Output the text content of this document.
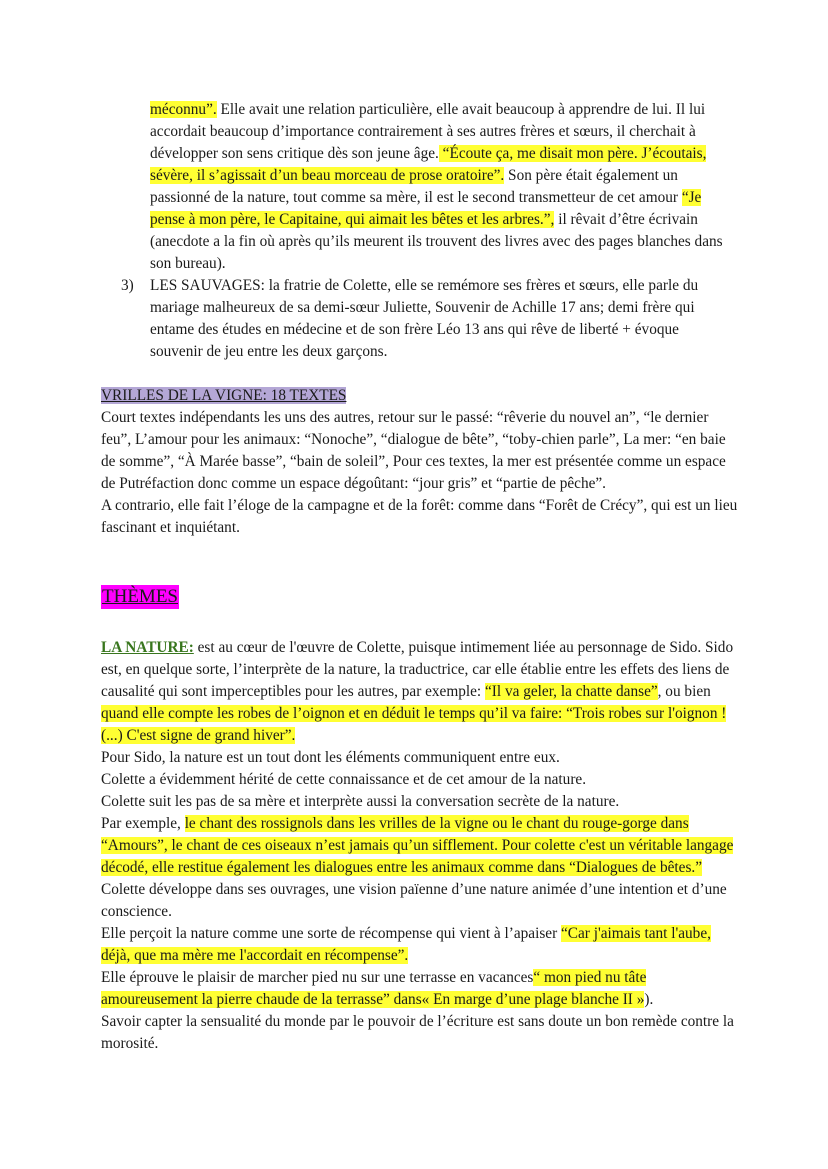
méconnu”. Elle avait une relation particulière, elle avait beaucoup à apprendre de lui. Il lui accordait beaucoup d’importance contrairement à ses autres frères et sœurs, il cherchait à développer son sens critique dès son jeune âge. “Écoute ça, me disait mon père. J’écoutais, sévère, il s’agissait d’un beau morceau de prose oratoire”. Son père était également un passionné de la nature, tout comme sa mère, il est le second transmetteur de cet amour “Je pense à mon père, le Capitaine, qui aimait les bêtes et les arbres.”, il rêvait d’être écrivain (anecdote a la fin où après qu’ils meurent ils trouvent des livres avec des pages blanches dans son bureau).
3) LES SAUVAGES: la fratrie de Colette, elle se remémore ses frères et sœurs, elle parle du mariage malheureux de sa demi-sœur Juliette, Souvenir de Achille 17 ans; demi frère qui entame des études en médecine et de son frère Léo 13 ans qui rêve de liberté + évoque souvenir de jeu entre les deux garçons.
VRILLES DE LA VIGNE: 18 TEXTES
Court textes indépendants les uns des autres, retour sur le passé: “rêverie du nouvel an”, “le dernier feu”, L’amour pour les animaux: “Nonoche”, “dialogue de bête”, “toby-chien parle”, La mer: “en baie de somme”, “À Marée basse”, “bain de soleil”, Pour ces textes, la mer est présentée comme un espace de Putréfaction donc comme un espace dégoûtant: “jour gris” et “partie de pêche”.
A contrario, elle fait l’éloge de la campagne et de la forêt: comme dans “Forêt de Crécy”, qui est un lieu fascinant et inquiétant.
THÈMES
LA NATURE: est au cœur de l'œuvre de Colette, puisque intimement liée au personnage de Sido. Sido est, en quelque sorte, l’interprète de la nature, la traductrice, car elle établie entre les effets des liens de causalité qui sont imperceptibles pour les autres, par exemple: “Il va geler, la chatte danse”, ou bien quand elle compte les robes de l’oignon et en déduit le temps qu’il va faire: “Trois robes sur l'oignon ! (...) C'est signe de grand hiver”.
Pour Sido, la nature est un tout dont les éléments communiquent entre eux.
Colette a évidemment hérité de cette connaissance et de cet amour de la nature.
Colette suit les pas de sa mère et interprète aussi la conversation secrète de la nature.
Par exemple, le chant des rossignols dans les vrilles de la vigne ou le chant du rouge-gorge dans “Amours”, le chant de ces oiseaux n’est jamais qu’un sifflement. Pour colette c'est un véritable langage décodé, elle restitue également les dialogues entre les animaux comme dans “Dialogues de bêtes.” Colette développe dans ses ouvrages, une vision païenne d’une nature animée d’une intention et d’une conscience.
Elle perçoit la nature comme une sorte de récompense qui vient à l’apaiser “Car j'aimais tant l'aube, déjà, que ma mère me l'accordait en récompense”.
Elle éprouve le plaisir de marcher pied nu sur une terrasse en vacances“ mon pied nu tâte amoureusement la pierre chaude de la terrasse” dans« En marge d’une plage blanche II »).
Savoir capter la sensualité du monde par le pouvoir de l’écriture est sans doute un bon remède contre la morosité.
